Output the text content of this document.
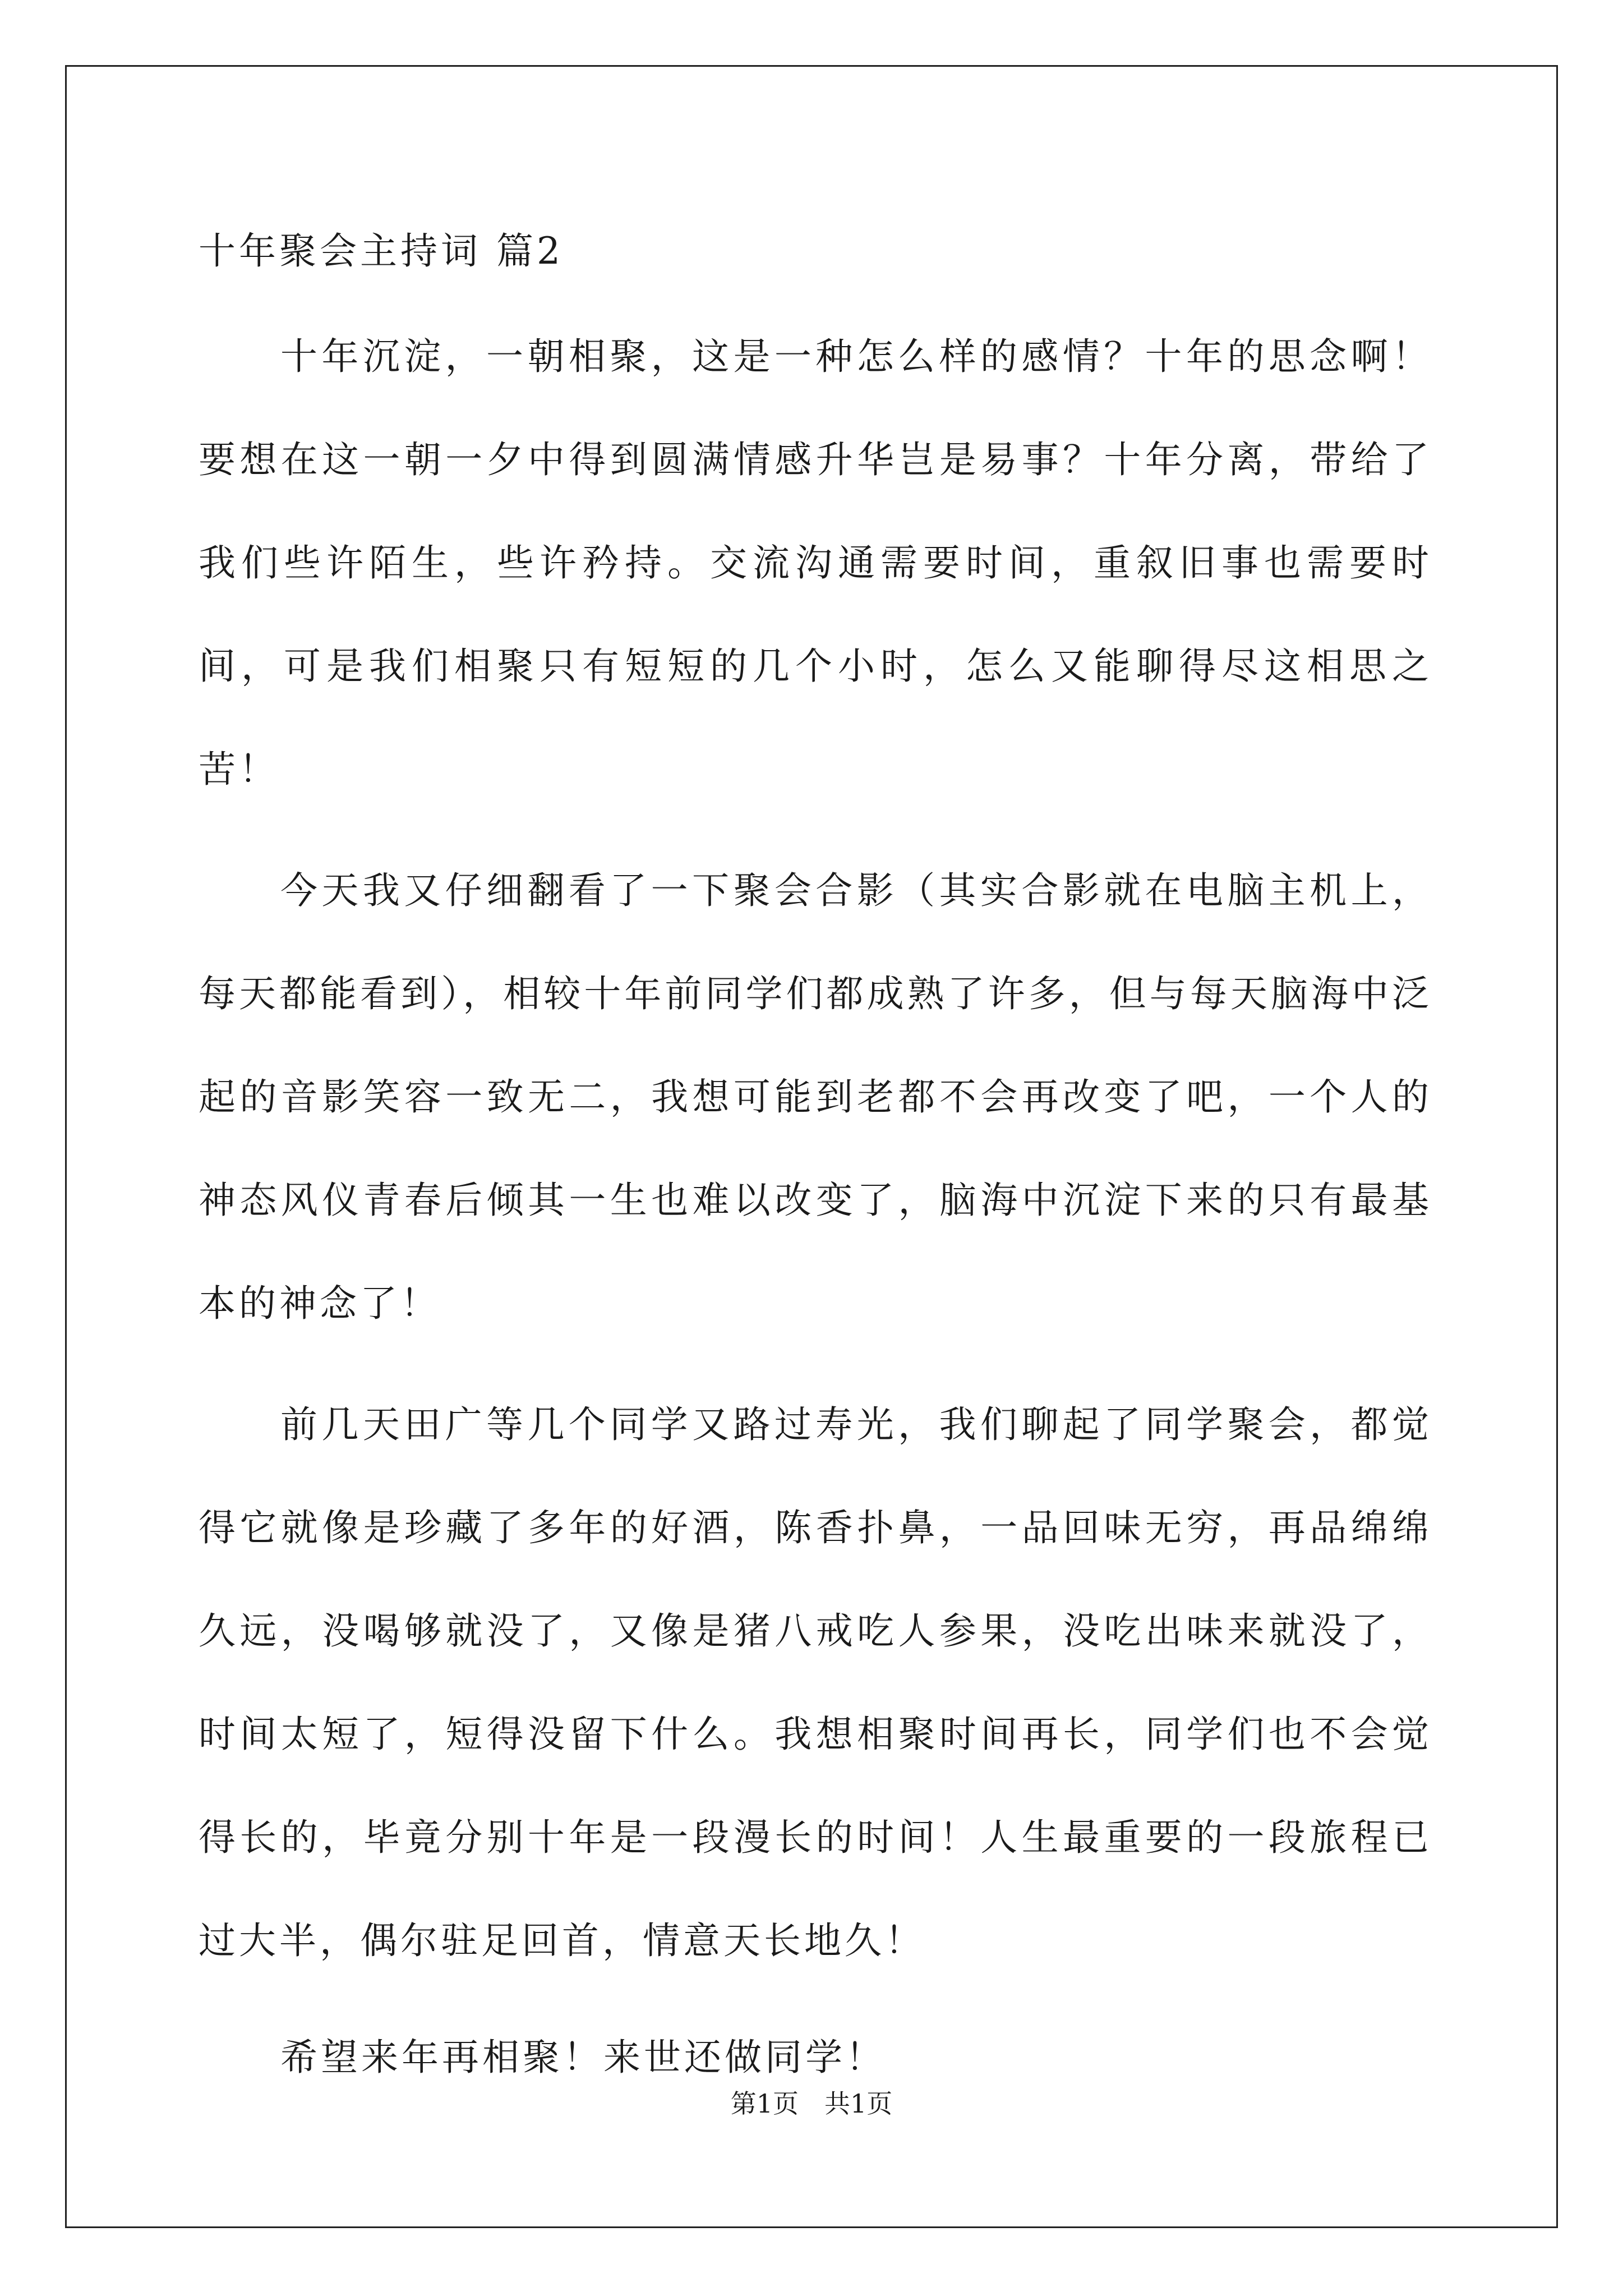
十年聚会主持词 篇2

十年沉淀，一朝相聚，这是一种怎么样的感情？十年的思念啊！要想在这一朝一夕中得到圆满情感升华岂是易事？十年分离，带给了我们些许陌生，些许矜持。交流沟通需要时间，重叙旧事也需要时间，可是我们相聚只有短短的几个小时，怎么又能聊得尽这相思之苦！

今天我又仔细翻看了一下聚会合影（其实合影就在电脑主机上，每天都能看到），相较十年前同学们都成熟了许多，但与每天脑海中泛起的音影笑容一致无二，我想可能到老都不会再改变了吧，一个人的神态风仪青春后倾其一生也难以改变了，脑海中沉淀下来的只有最基本的神念了！

前几天田广等几个同学又路过寿光，我们聊起了同学聚会，都觉得它就像是珍藏了多年的好酒，陈香扑鼻，一品回味无穷，再品绵绵久远，没喝够就没了，又像是猪八戒吃人参果，没吃出味来就没了，时间太短了，短得没留下什么。我想相聚时间再长，同学们也不会觉得长的，毕竟分别十年是一段漫长的时间！人生最重要的一段旅程已过大半，偶尔驻足回首，情意天长地久！

希望来年再相聚！来世还做同学！

第1页　共1页
